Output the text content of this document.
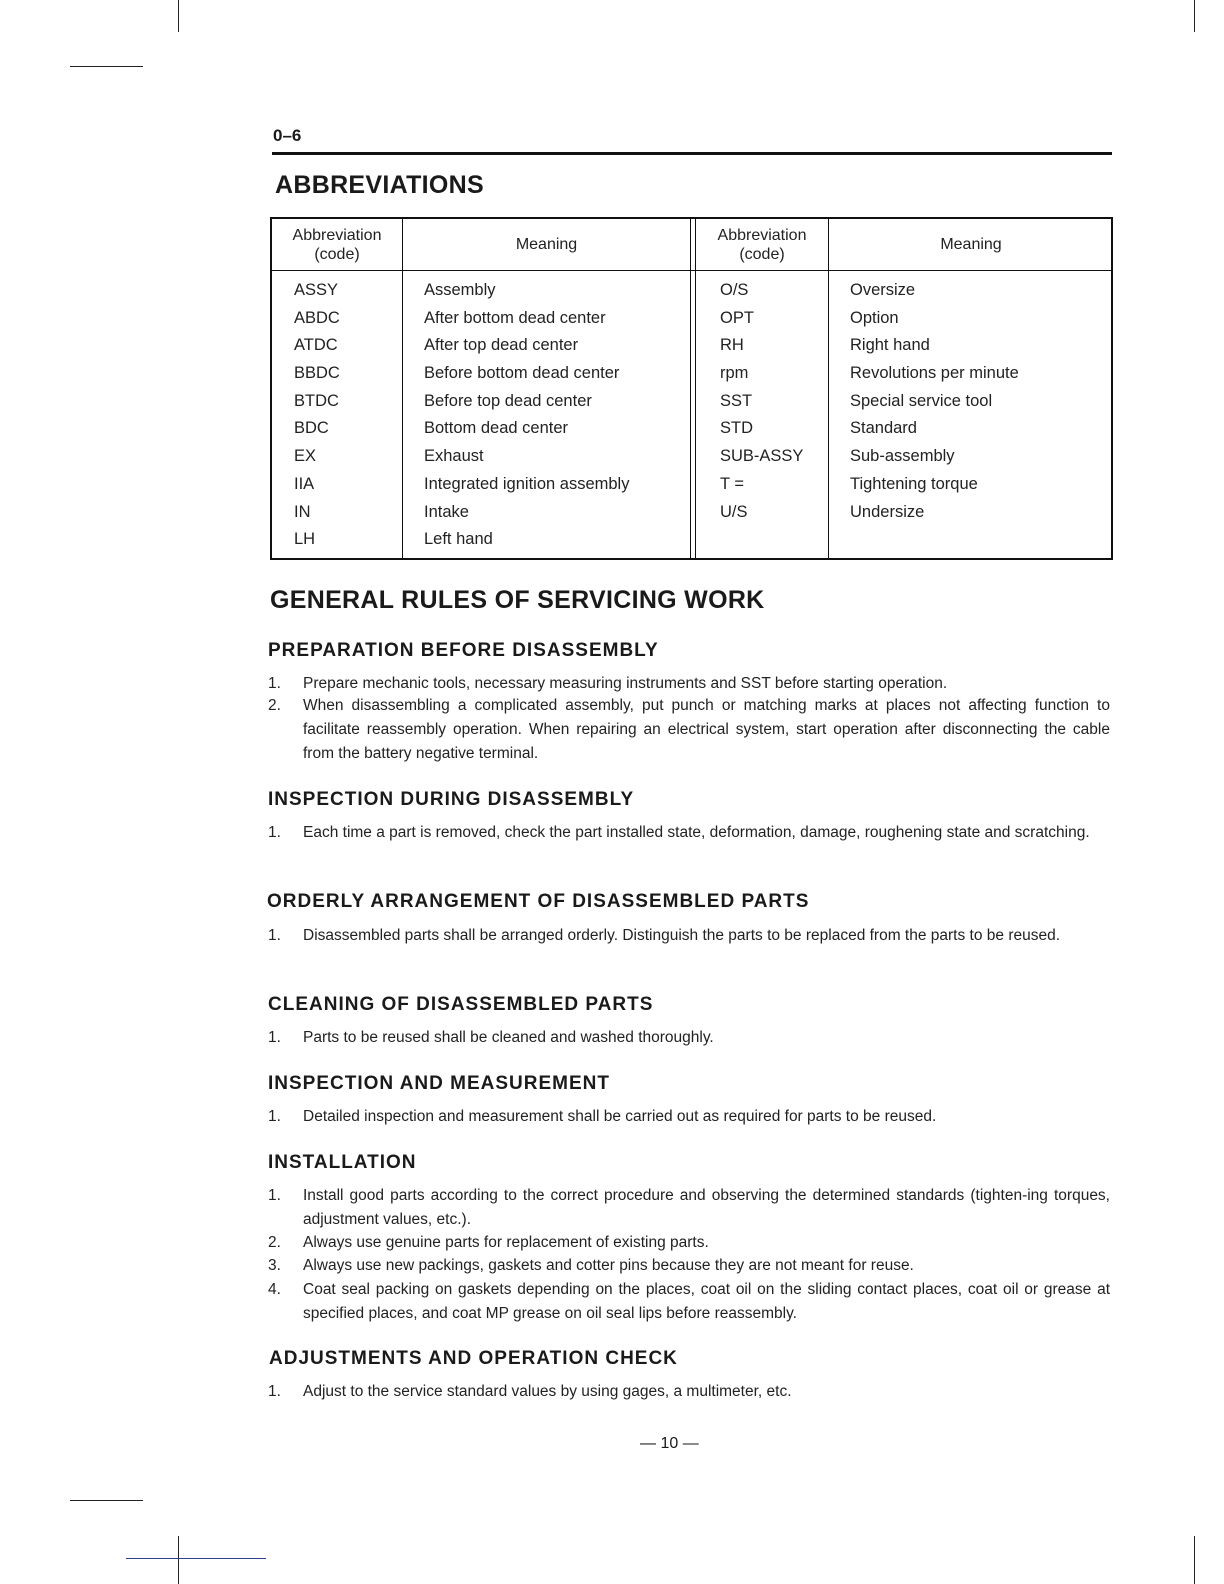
0–6
ABBREVIATIONS
Abbreviation
(code)
Meaning
Abbreviation
(code)
Meaning
ASSY
ABDC
ATDC
BBDC
BTDC
BDC
EX
IIA
IN
LH
Assembly
After bottom dead center
After top dead center
Before bottom dead center
Before top dead center
Bottom dead center
Exhaust
Integrated ignition assembly
Intake
Left hand
O/S
OPT
RH
rpm
SST
STD
SUB-ASSY
T =
U/S
Oversize
Option
Right hand
Revolutions per minute
Special service tool
Standard
Sub-assembly
Tightening torque
Undersize
GENERAL RULES OF SERVICING WORK
PREPARATION BEFORE DISASSEMBLY
1. Prepare mechanic tools, necessary measuring instruments and SST before starting operation.
2. When disassembling a complicated assembly, put punch or matching marks at places not affecting function to facilitate reassembly operation. When repairing an electrical system, start operation after disconnecting the cable from the battery negative terminal.
INSPECTION DURING DISASSEMBLY
1. Each time a part is removed, check the part installed state, deformation, damage, roughening state and scratching.
ORDERLY ARRANGEMENT OF DISASSEMBLED PARTS
1. Disassembled parts shall be arranged orderly. Distinguish the parts to be replaced from the parts to be reused.
CLEANING OF DISASSEMBLED PARTS
1. Parts to be reused shall be cleaned and washed thoroughly.
INSPECTION AND MEASUREMENT
1. Detailed inspection and measurement shall be carried out as required for parts to be reused.
INSTALLATION
1. Install good parts according to the correct procedure and observing the determined standards (tighten-ing torques, adjustment values, etc.).
2. Always use genuine parts for replacement of existing parts.
3. Always use new packings, gaskets and cotter pins because they are not meant for reuse.
4. Coat seal packing on gaskets depending on the places, coat oil on the sliding contact places, coat oil or grease at specified places, and coat MP grease on oil seal lips before reassembly.
ADJUSTMENTS AND OPERATION CHECK
1. Adjust to the service standard values by using gages, a multimeter, etc.
— 10 —
